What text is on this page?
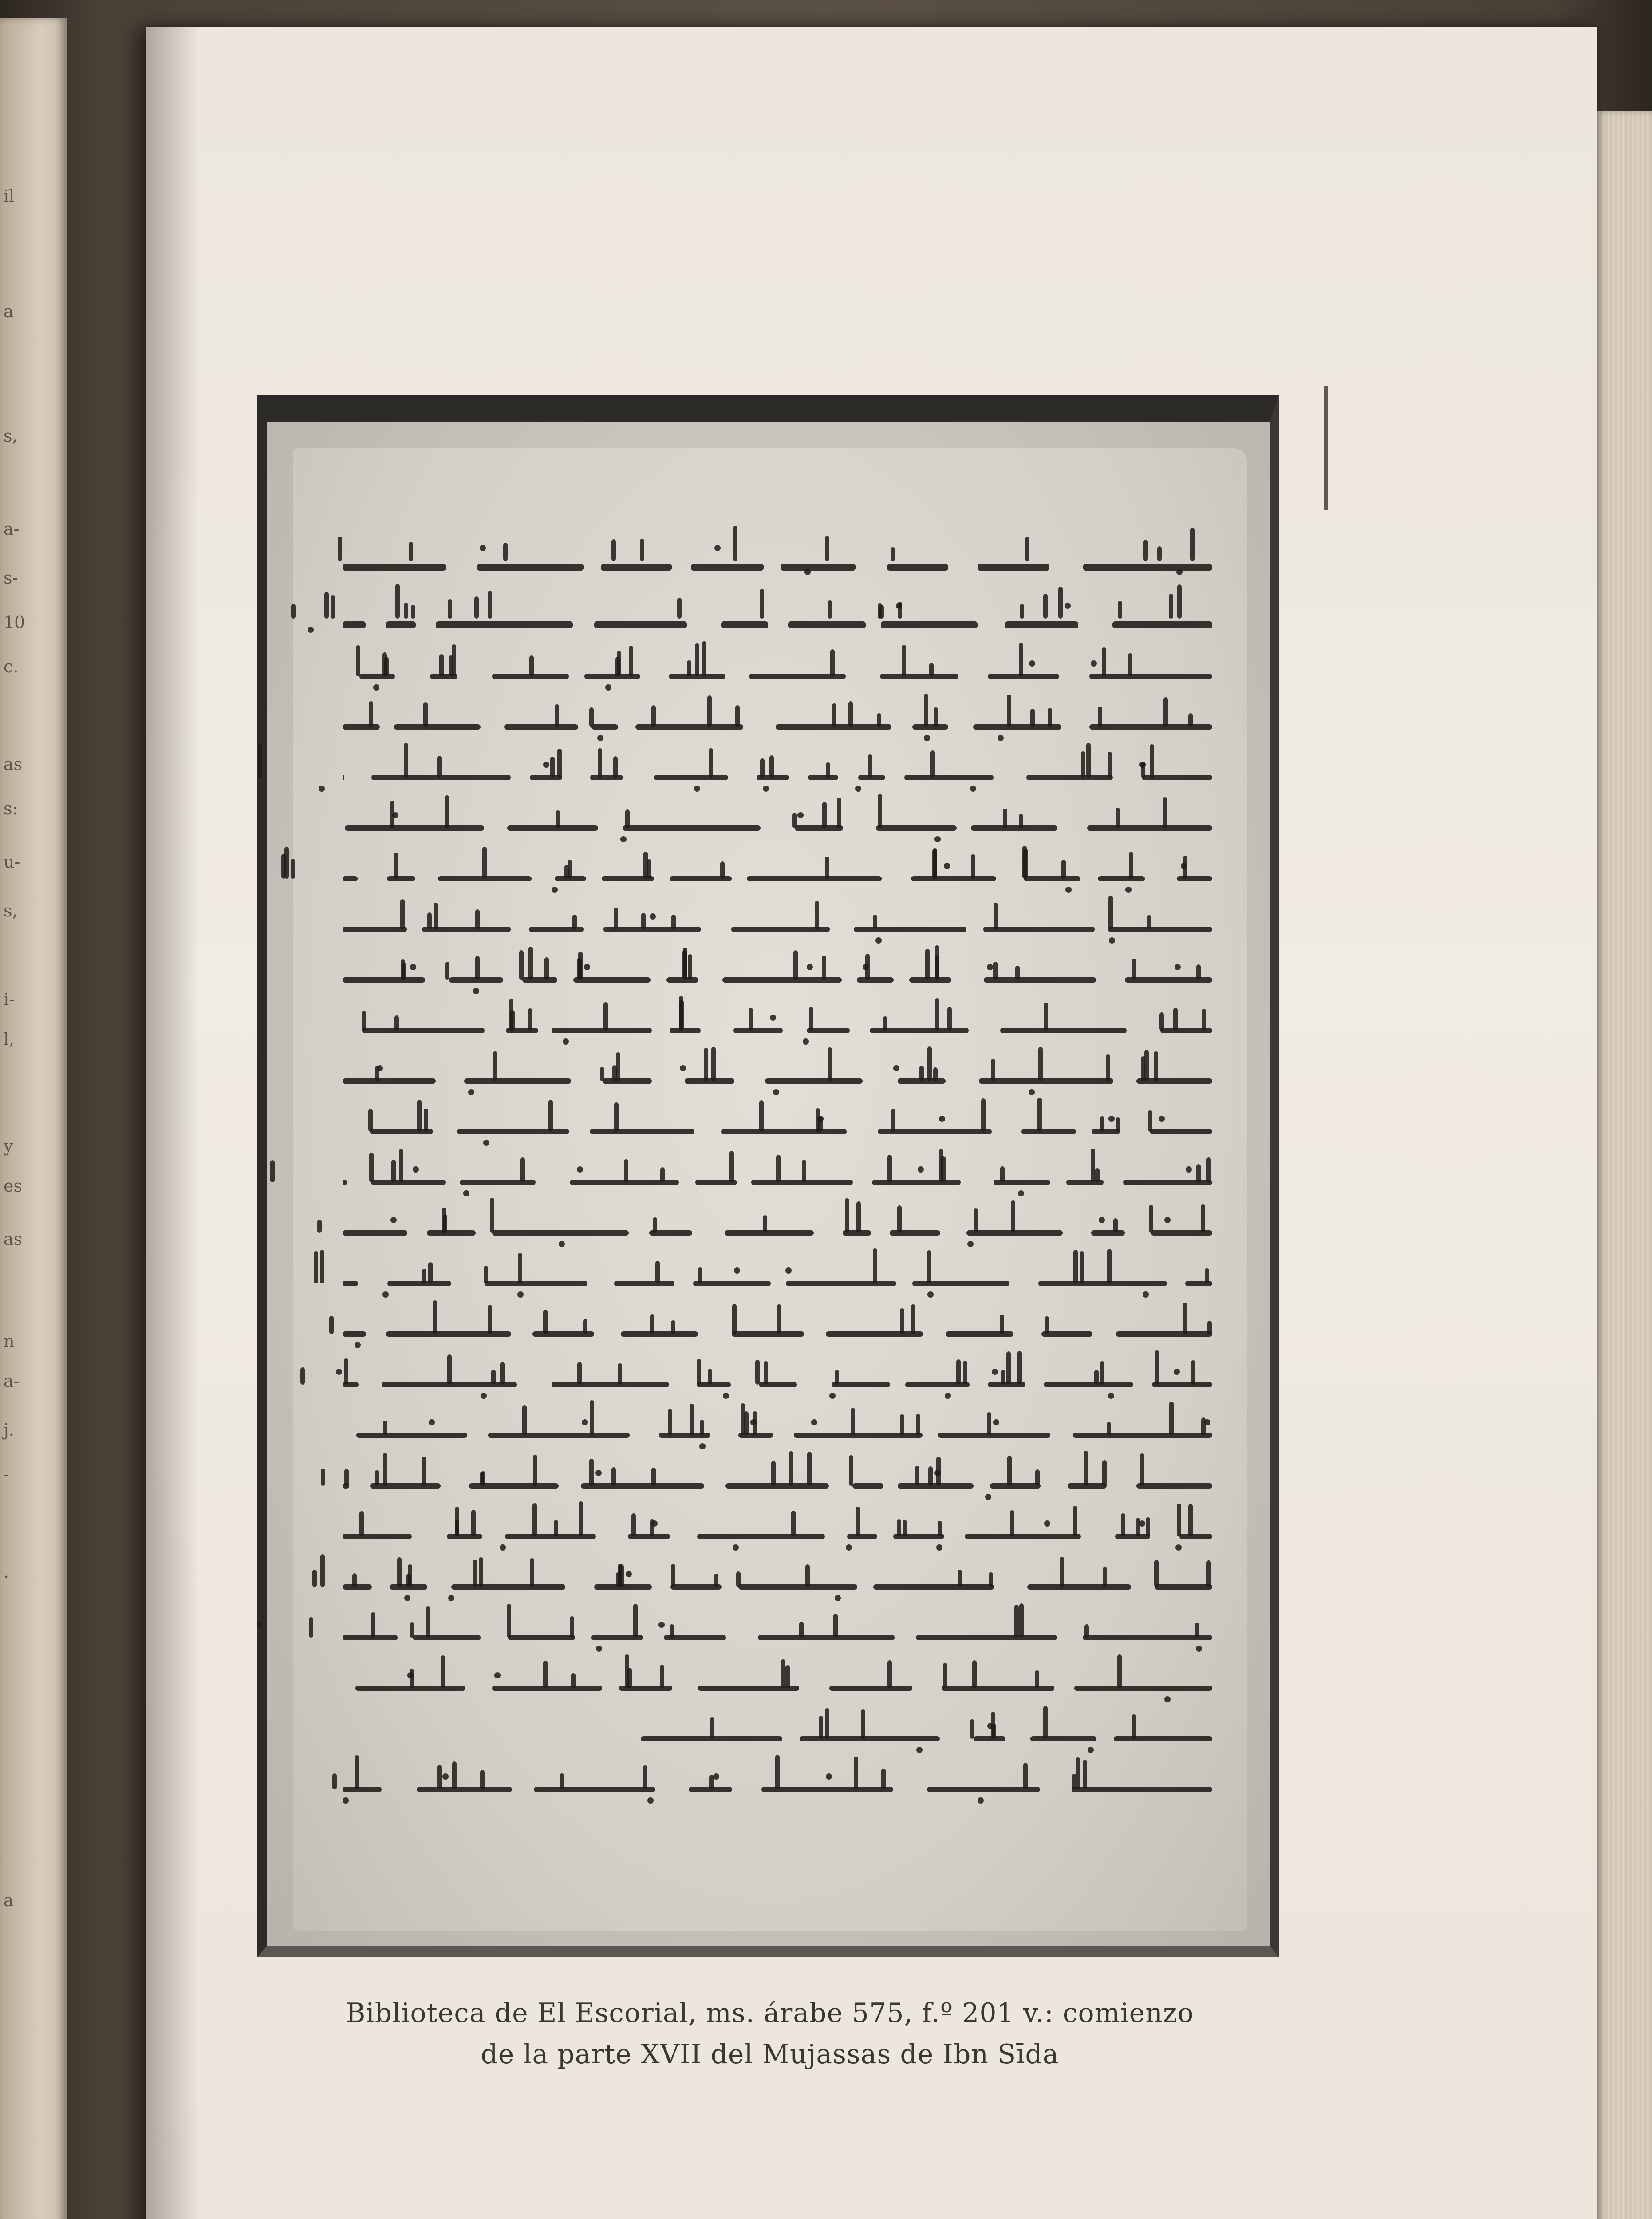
il
a
s,
a-
s-
10
c.
as
s:
u-
s,
i-
l,
y
es
as
n
a-
j.
-
.
a
Biblioteca de El Escorial, ms. árabe 575, f.º 201 v.: comienzo
de la parte XVII del Mujassas de Ibn Sīda
